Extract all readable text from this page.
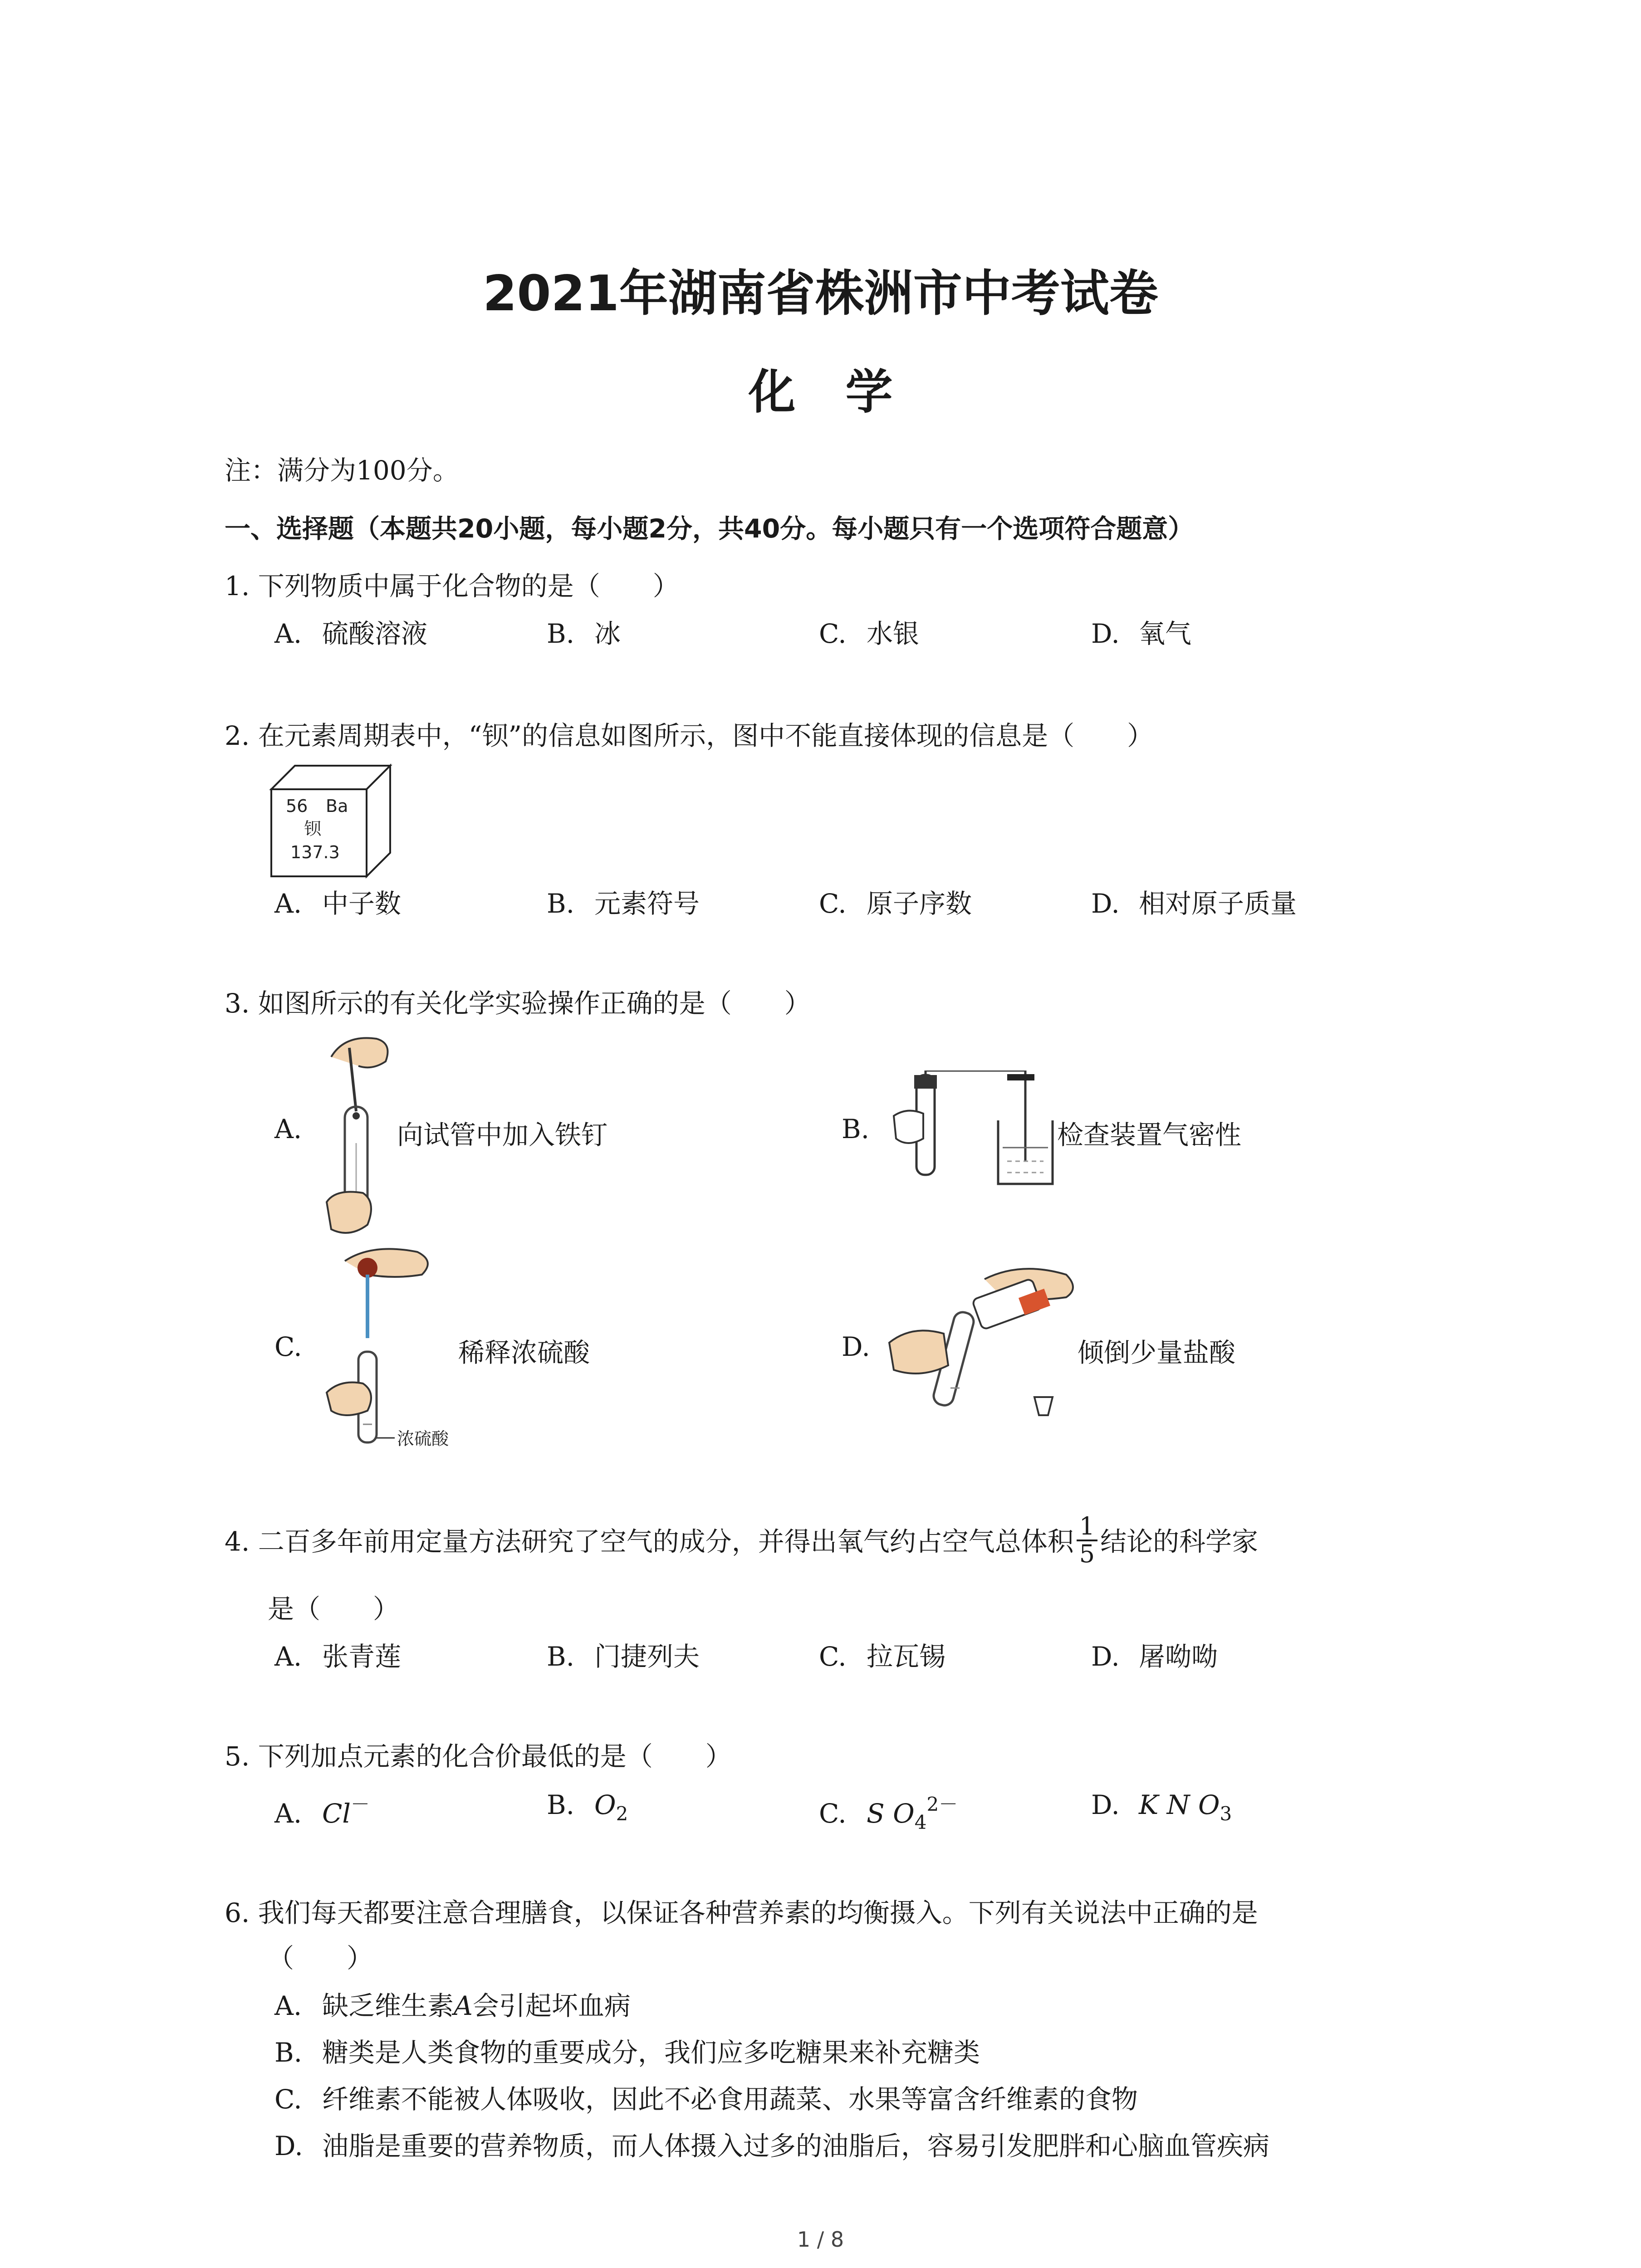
2021年湖南省株洲市中考试卷
化学
注：满分为100分。
一、选择题（本题共20小题，每小题2分，共40分。每小题只有一个选项符合题意）
1. 下列物质中属于化合物的是（　　）
A. 硫酸溶液	B. 冰	C. 水银	D. 氧气
2. 在元素周期表中，“钡”的信息如图所示，图中不能直接体现的信息是（　　）
56 Ba
钡
137.3
A. 中子数	B. 元素符号	C. 原子序数	D. 相对原子质量
3. 如图所示的有关化学实验操作正确的是（　　）
A.	向试管中加入铁钉	B.	检查装置气密性
C.
浓硫酸
稀释浓硫酸	D.	倾倒少量盐酸
4. 二百多年前用定量方法研究了空气的成分，并得出氧气约占空气总体积 $\frac{1}{5}$ 结论的科学家
是（　　）
A. 张青莲	B. 门捷列夫	C. 拉瓦锡	D. 屠呦呦
5. 下列加点元素的化合价最低的是（　　）
A. Cl－	B. $O_2$	C. S $O_4^{2-}$	D. K N $O_3$
6. 我们每天都要注意合理膳食，以保证各种营养素的均衡摄入。下列有关说法中正确的是
（　　）
A. 缺乏维生素A会引起坏血病
B. 糖类是人类食物的重要成分，我们应多吃糖果来补充糖类
C. 纤维素不能被人体吸收，因此不必食用蔬菜、水果等富含纤维素的食物
D. 油脂是重要的营养物质，而人体摄入过多的油脂后，容易引发肥胖和心脑血管疾病
1 / 8
